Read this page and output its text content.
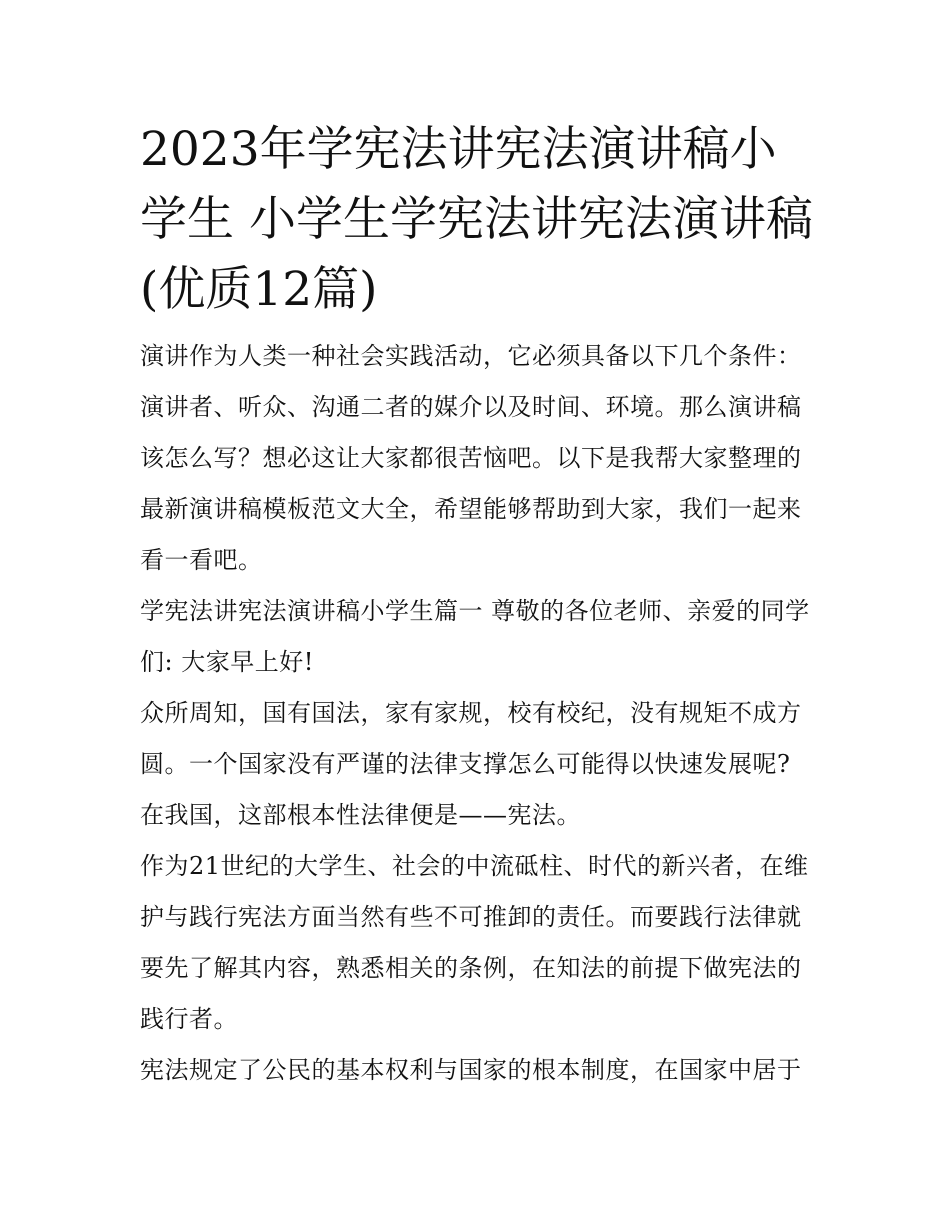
2023年学宪法讲宪法演讲稿小学生 小学生学宪法讲宪法演讲稿(优质12篇)

演讲作为人类一种社会实践活动，它必须具备以下几个条件：演讲者、听众、沟通二者的媒介以及时间、环境。那么演讲稿该怎么写？想必这让大家都很苦恼吧。以下是我帮大家整理的最新演讲稿模板范文大全，希望能够帮助到大家，我们一起来看一看吧。

学宪法讲宪法演讲稿小学生篇一 尊敬的各位老师、亲爱的同学们: 大家早上好!

众所周知，国有国法，家有家规，校有校纪，没有规矩不成方圆。一个国家没有严谨的法律支撑怎么可能得以快速发展呢? 在我国，这部根本性法律便是——宪法。

作为21世纪的大学生、社会的中流砥柱、时代的新兴者，在维护与践行宪法方面当然有些不可推卸的责任。而要践行法律就要先了解其内容，熟悉相关的条例，在知法的前提下做宪法的践行者。

宪法规定了公民的基本权利与国家的根本制度，在国家中居于
